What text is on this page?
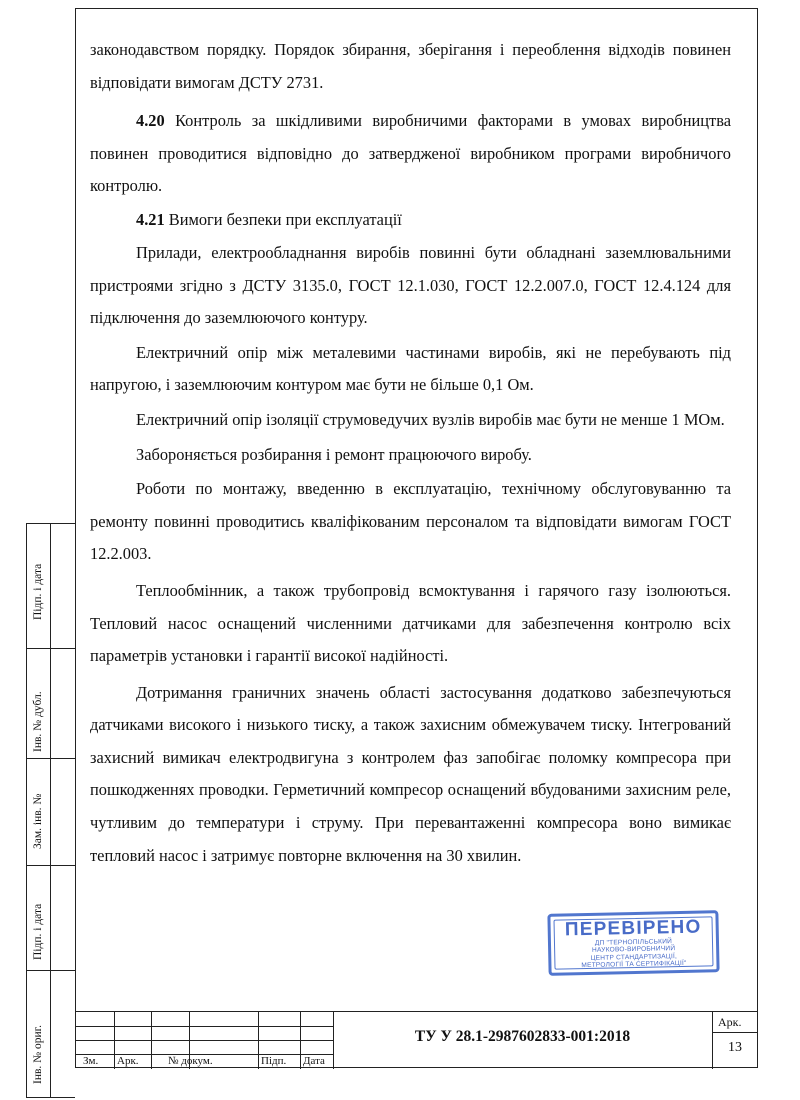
законодавством порядку. Порядок збирання, зберігання і переоблення відходів повинен відповідати вимогам ДСТУ 2731.

4.20 Контроль за шкідливими виробничими факторами в умовах виробництва повинен проводитися відповідно до затвердженої виробником програми виробничого контролю.

4.21 Вимоги безпеки при експлуатації

Прилади, електрообладнання виробів повинні бути обладнані заземлювальними пристроями згідно з ДСТУ 3135.0, ГОСТ 12.1.030, ГОСТ 12.2.007.0, ГОСТ 12.4.124 для підключення до заземлюючого контуру.

Електричний опір між металевими частинами виробів, які не перебувають під напругою, і заземлюючим контуром має бути не більше 0,1 Ом.

Електричний опір ізоляції струмоведучих вузлів виробів має бути не менше 1 МОм.

Забороняється розбирання і ремонт працюючого виробу.

Роботи по монтажу, введенню в експлуатацію, технічному обслуговуванню та ремонту повинні проводитись кваліфікованим персоналом та відповідати вимогам ГОСТ 12.2.003.

Теплообмінник, а також трубопровід всмоктування і гарячого газу ізолюються. Тепловий насос оснащений численними датчиками для забезпечення контролю всіх параметрів установки і гарантії високої надійності.

Дотримання граничних значень області застосування додатково забезпечуються датчиками високого і низького тиску, а також захисним обмежувачем тиску. Інтегрований захисний вимикач електродвигуна з контролем фаз запобігає поломку компресора при пошкодженнях проводки. Герметичний компресор оснащений вбудованими захисним реле, чутливим до температури і струму. При перевантаженні компресора воно вимикає тепловий насос і затримує повторне включення на 30 хвилин.

Підп. і дата
Інв. № дубл.
Зам. інв. №
Підп. і дата
Інв. № ориг.	Зм. Арк.	№ докум.	Підп. Дата
ТУ У 28.1-2987602833-001:2018
Арк.
13
ПЕРЕВІРЕНО
ДП "ТЕРНОПІЛЬСЬКИЙ
НАУКОВО-ВИРОБНИЧИЙ
ЦЕНТР СТАНДАРТИЗАЦІЇ,
МЕТРОЛОГІЇ ТА СЕРТИФІКАЦІЇ"
